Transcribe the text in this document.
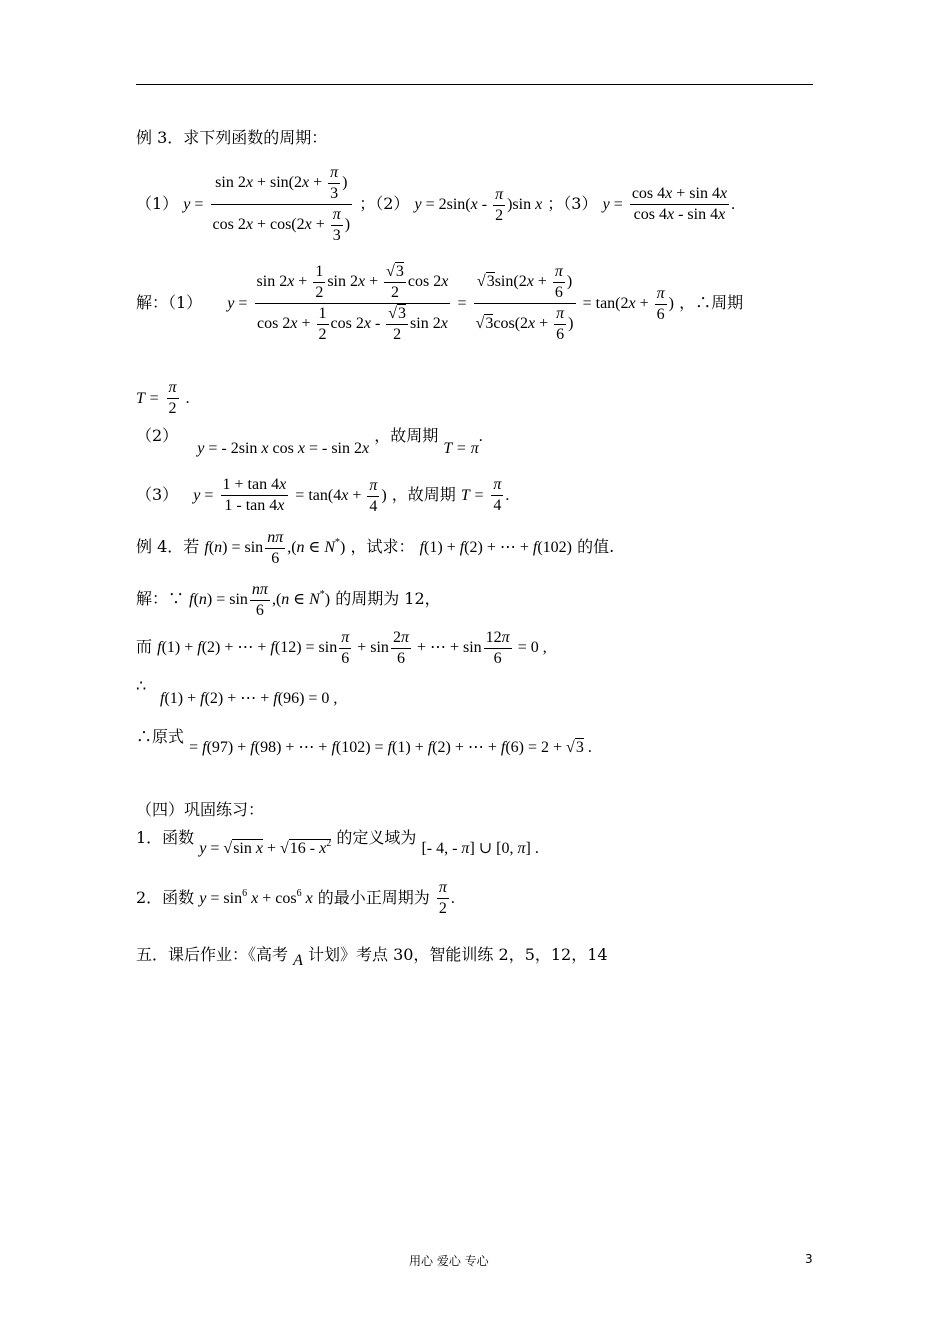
例 3．求下列函数的周期：
（1） $y = \frac{\sin 2x + \sin(2x + \frac{\pi}{3} )}{\cos 2x + \cos(2x + \frac{\pi}{3} )}$ ；（2） $y = 2\sin(x - \frac{\pi}{2} )\sin$ x ；（3） $y = \frac{\cos 4x + \sin 4x}{\cos 4x - \sin 4x}$ .
解：（1） $y = \frac{\sin 2x + \frac{1}{2} \sin 2x + \frac{√3}{2} \cos 2x}{\cos 2x + \frac{1}{2} \cos 2x - \frac{√3}{2} \sin 2x} = \frac{√3\sin(2x + \frac{\pi}{6} )}{√3\cos(2x + \frac{\pi}{6} )} = \tan(2x + \frac{\pi}{6}$ ) ，∴周期
$T = \frac{\pi}{2}$ .
（2） y = - 2sin x cos x = - sin 2x ，故周期 T = π.
（3） $y = \frac{1 + \tan 4x}{1 - \tan 4x} = \tan(4x + \frac{\pi}{4}$ ) ，故周期 $T = \frac{\pi}{4}$ .
例 4．若 $f(n) = \sin \frac{n\pi}{6} ,(n$ ∈ N*) ，试求： f(1) + f(2) + ⋯ + f(102) 的值.
解：∵ $f(n) = \sin \frac{n\pi}{6} ,(n$ ∈ N*) 的周期为 12，
而 f(1) + f(2) + ⋯ + $f(12) = \sin \frac{\pi}{6} + \sin \frac{2\pi}{6}$ + ⋯ + $\sin \frac{12\pi}{6} = 0$ ,
∴
f(1) + f(2) + ⋯ + f(96) = 0 ,
∴原式 = f(97) + f(98) + ⋯ + f(102) = f(1) + f(2) + ⋯ + f(6) = 2 + √3 .
（四）巩固练习：
1．函数 y = √sin $x + √16 - x^2$ 的定义域为 [- 4, - π] ∪ [0, π] .
2．函数 $y = \sin^6 x + \cos^6 x$ 的最小正周期为 $\frac{\pi}{2}$ .
五．课后作业：《高考 A 计划》考点 30，智能训练 2，5，12，14
用心 爱心 专心	3
